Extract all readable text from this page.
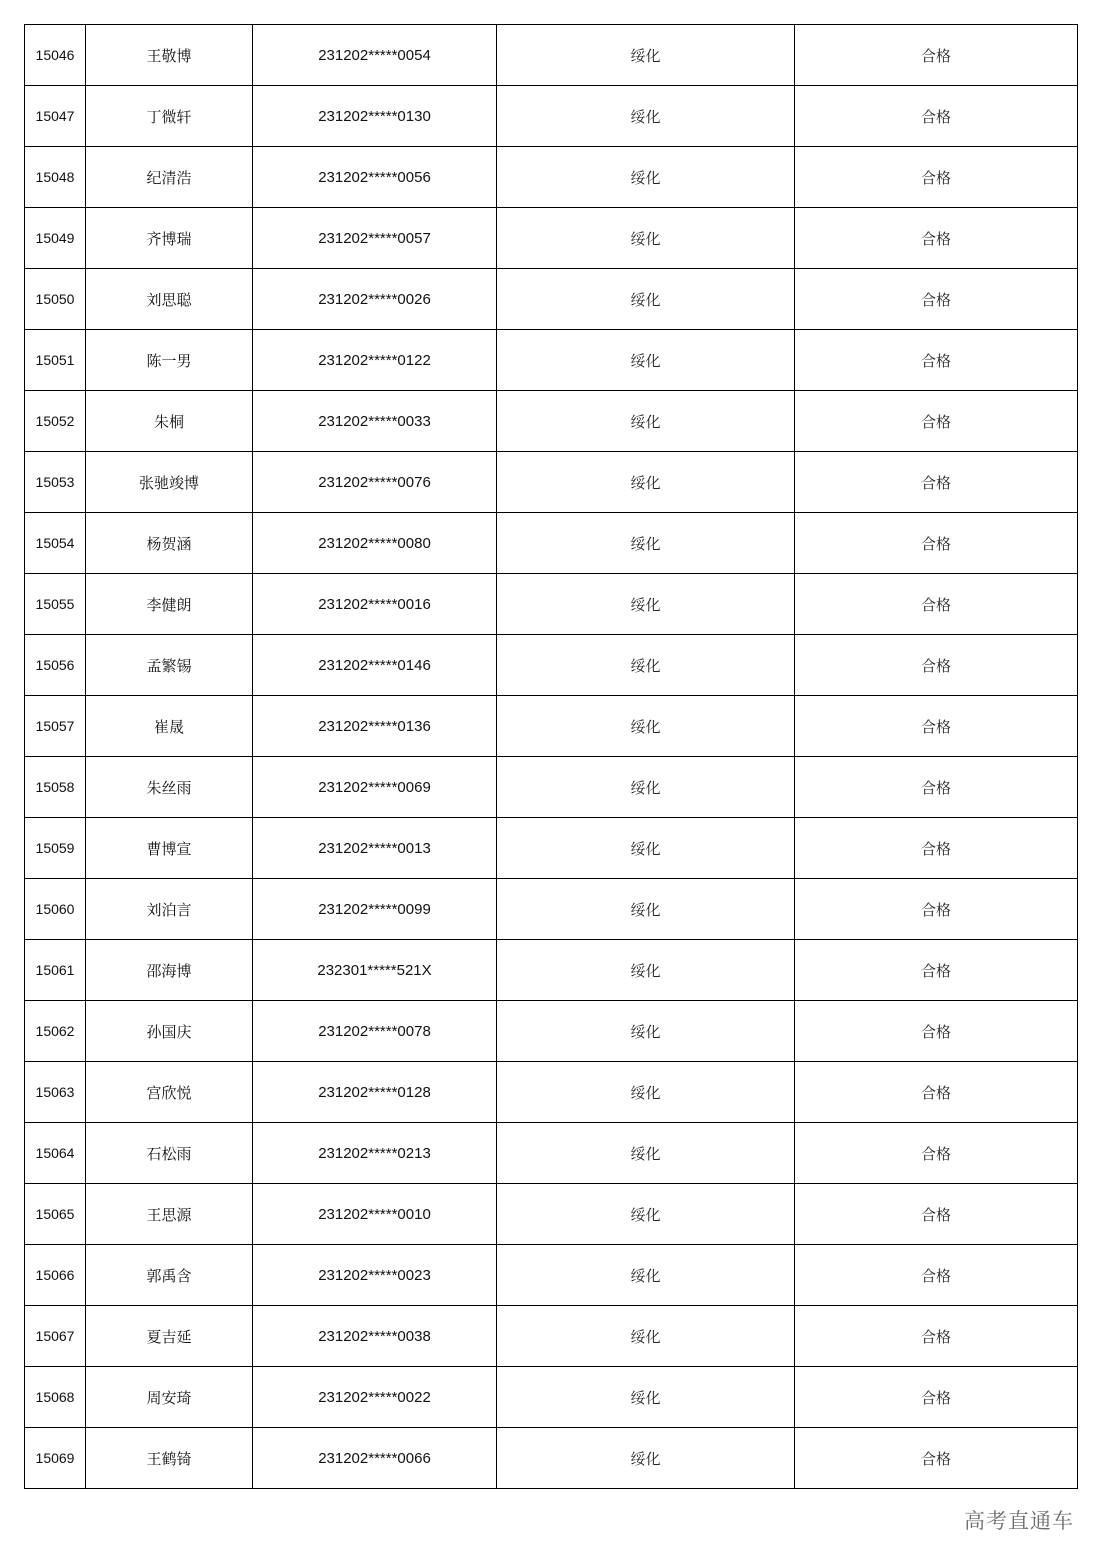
15046	王敬博	231202*****0054	绥化	合格
15047	丁微轩	231202*****0130	绥化	合格
15048	纪清浩	231202*****0056	绥化	合格
15049	齐博瑞	231202*****0057	绥化	合格
15050	刘思聪	231202*****0026	绥化	合格
15051	陈一男	231202*****0122	绥化	合格
15052	朱桐	231202*****0033	绥化	合格
15053	张驰竣博	231202*****0076	绥化	合格
15054	杨贺涵	231202*****0080	绥化	合格
15055	李健朗	231202*****0016	绥化	合格
15056	孟繁锡	231202*****0146	绥化	合格
15057	崔晟	231202*****0136	绥化	合格
15058	朱丝雨	231202*****0069	绥化	合格
15059	曹博宣	231202*****0013	绥化	合格
15060	刘泊言	231202*****0099	绥化	合格
15061	邵海博	232301*****521X	绥化	合格
15062	孙国庆	231202*****0078	绥化	合格
15063	宫欣悦	231202*****0128	绥化	合格
15064	石松雨	231202*****0213	绥化	合格
15065	王思源	231202*****0010	绥化	合格
15066	郭禹含	231202*****0023	绥化	合格
15067	夏吉延	231202*****0038	绥化	合格
15068	周安琦	231202*****0022	绥化	合格
15069	王鹤锜	231202*****0066	绥化	合格
高考直通车
